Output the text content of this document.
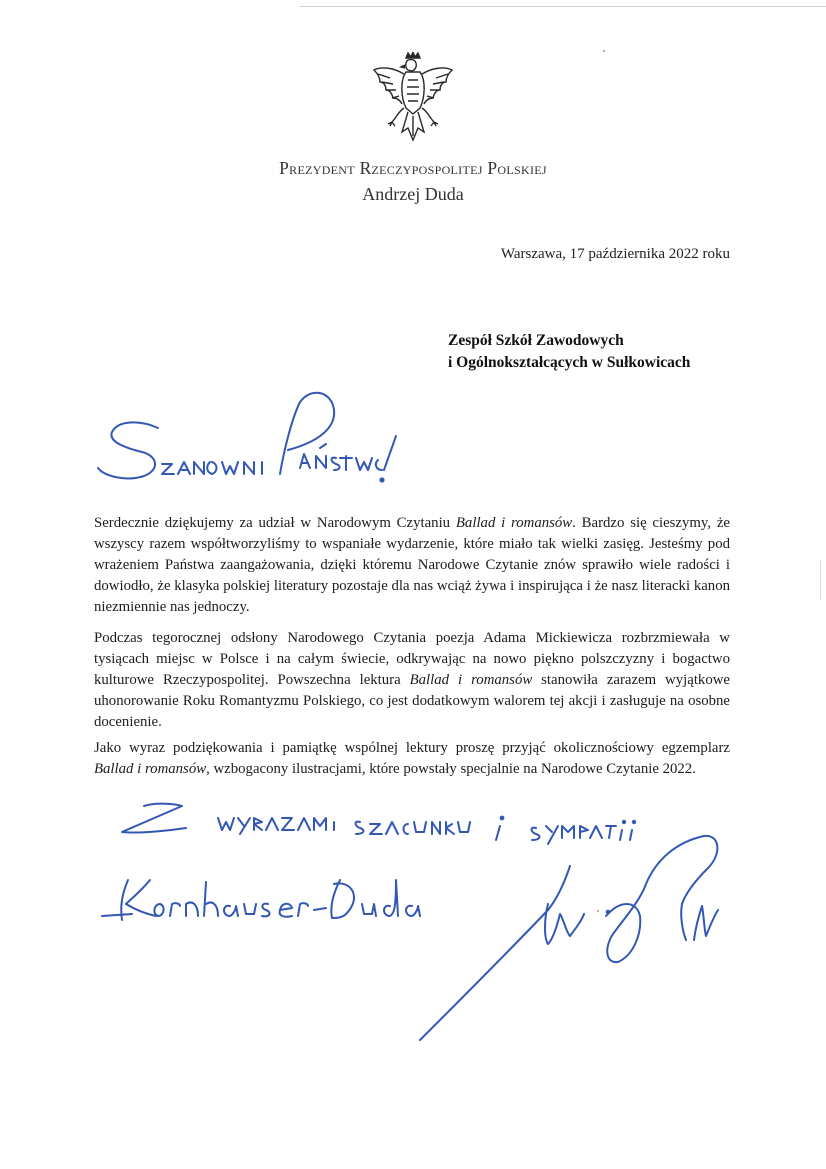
Prezydent Rzeczypospolitej Polskiej
Andrzej Duda
Warszawa, 17 października 2022 roku
Zespół Szkół Zawodowych
i Ogólnokształcących w Sułkowicach

Serdecznie dziękujemy za udział w Narodowym Czytaniu Ballad i romansów. Bardzo się cieszymy, że wszyscy razem współtworzyliśmy to wspaniałe wydarzenie, które miało tak wielki zasięg. Jesteśmy pod wrażeniem Państwa zaangażowania, dzięki któremu Narodowe Czytanie znów sprawiło wiele radości i dowiodło, że klasyka polskiej literatury pozostaje dla nas wciąż żywa i inspirująca i że nasz literacki kanon niezmiennie nas jednoczy.

Podczas tegorocznej odsłony Narodowego Czytania poezja Adama Mickiewicza rozbrzmiewała w tysiącach miejsc w Polsce i na całym świecie, odkrywając na nowo piękno polszczyzny i bogactwo kulturowe Rzeczypospolitej. Powszechna lektura Ballad i romansów stanowiła zarazem wyjątkowe uhonorowanie Roku Romantyzmu Polskiego, co jest dodatkowym walorem tej akcji i zasługuje na osobne docenienie.

Jako wyraz podziękowania i pamiątkę wspólnej lektury proszę przyjąć okolicznościowy egzemplarz Ballad i romansów, wzbogacony ilustracjami, które powstały specjalnie na Narodowe Czytanie 2022.
